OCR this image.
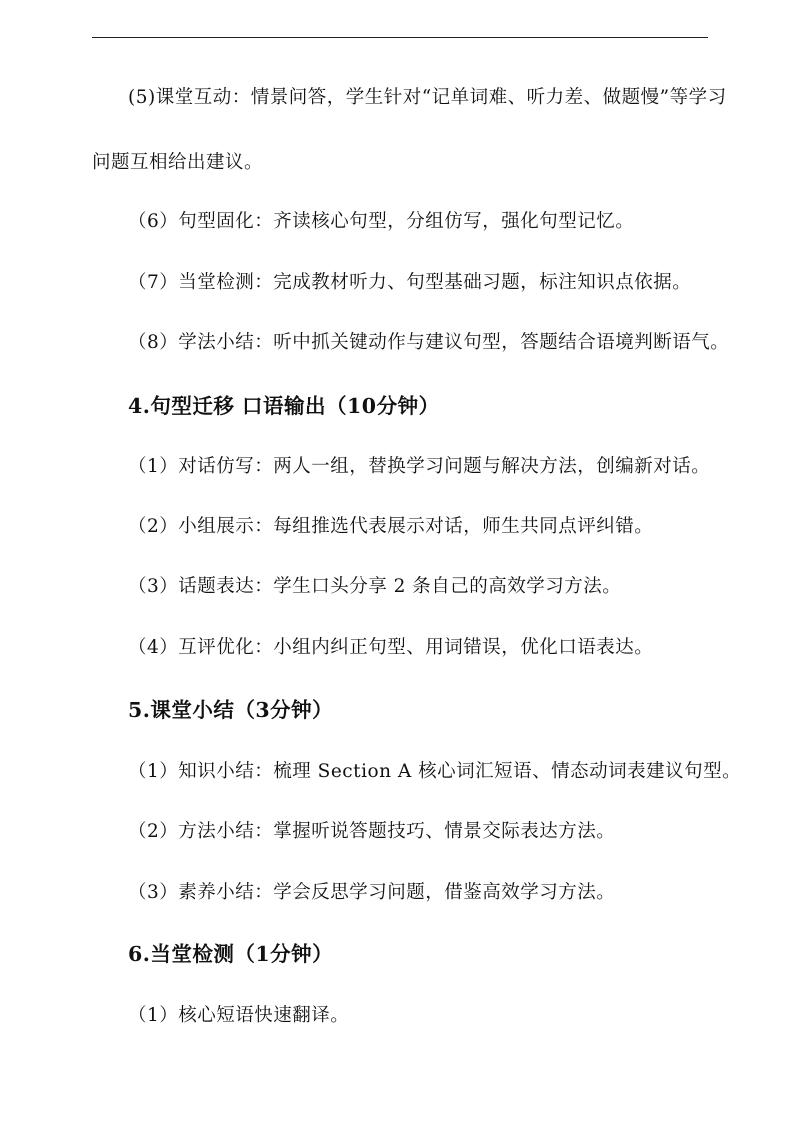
(5)课堂互动：情景问答，学生针对“记单词难、听力差、做题慢”等学习
问题互相给出建议。
（6）句型固化：齐读核心句型，分组仿写，强化句型记忆。
（7）当堂检测：完成教材听力、句型基础习题，标注知识点依据。
（8）学法小结：听中抓关键动作与建议句型，答题结合语境判断语气。
4.句型迁移 口语输出（10分钟）
（1）对话仿写：两人一组，替换学习问题与解决方法，创编新对话。
（2）小组展示：每组推选代表展示对话，师生共同点评纠错。
（3）话题表达：学生口头分享 2 条自己的高效学习方法。
（4）互评优化：小组内纠正句型、用词错误，优化口语表达。
5.课堂小结（3分钟）
（1）知识小结：梳理 Section A 核心词汇短语、情态动词表建议句型。
（2）方法小结：掌握听说答题技巧、情景交际表达方法。
（3）素养小结：学会反思学习问题，借鉴高效学习方法。
6.当堂检测（1分钟）
（1）核心短语快速翻译。
